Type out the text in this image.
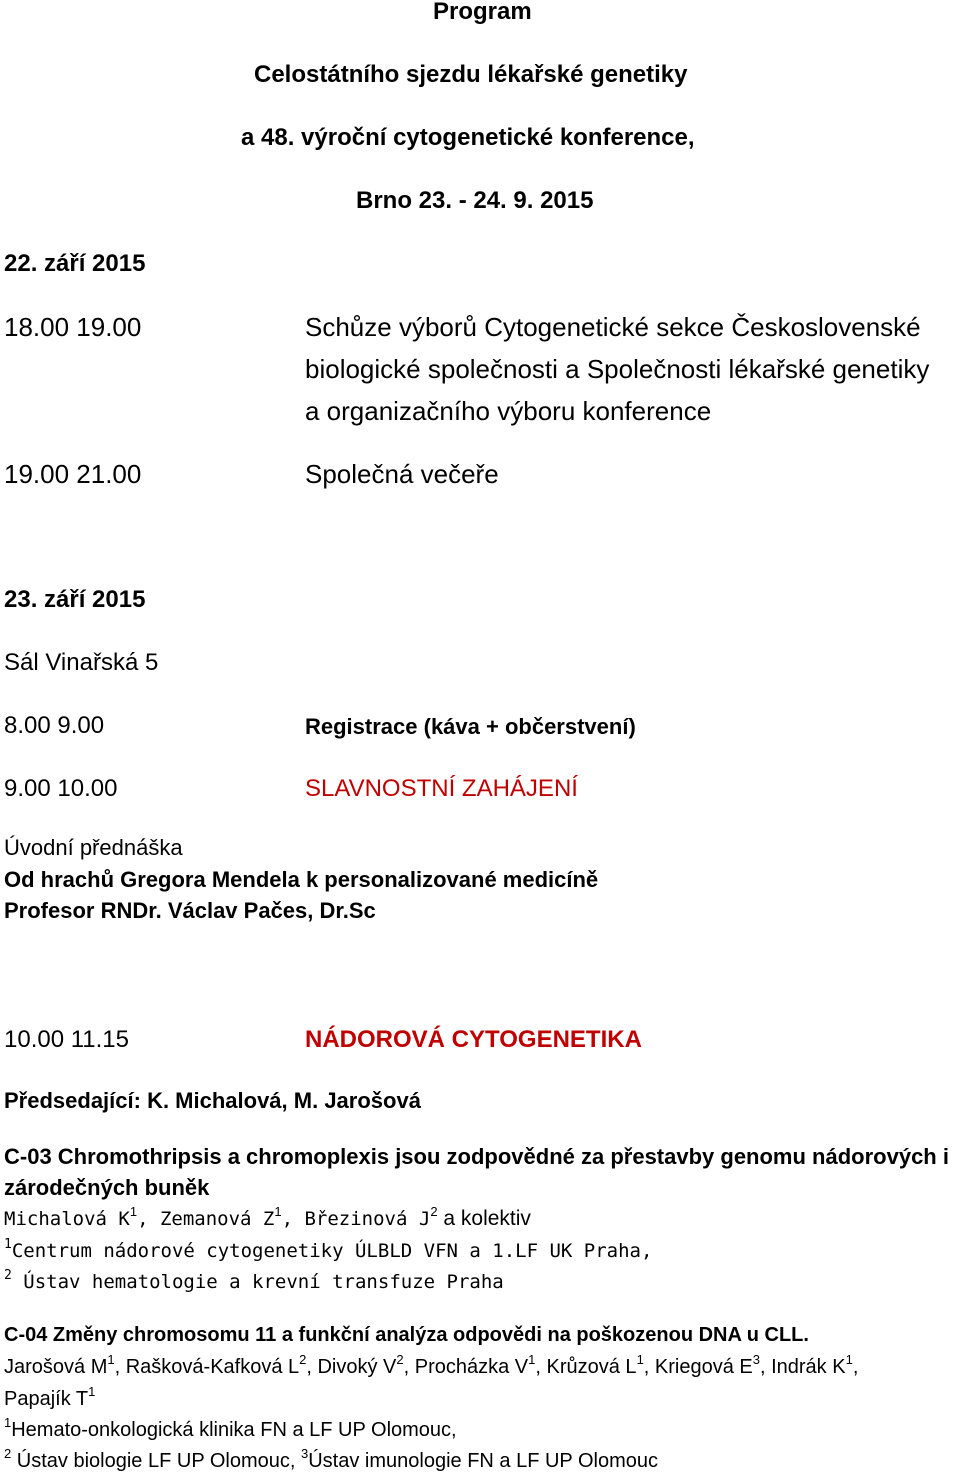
Program
Celostátního sjezdu lékařské genetiky
a 48. výroční cytogenetické konference,
Brno 23. - 24. 9. 2015
22. září 2015
18.00 19.00	Schůze výborů Cytogenetické sekce Československé
biologické společnosti a Společnosti lékařské genetiky
a organizačního výboru konference
19.00 21.00	Společná večeře
23. září 2015
Sál Vinařská 5
8.00 9.00	Registrace (káva + občerstvení)
9.00 10.00	SLAVNOSTNÍ ZAHÁJENÍ
Úvodní přednáška
Od hrachů Gregora Mendela k personalizované medicíně
Profesor RNDr. Václav Pačes, Dr.Sc
10.00 11.15	NÁDOROVÁ CYTOGENETIKA
Předsedající: K. Michalová, M. Jarošová
C-03 Chromothripsis a chromoplexis jsou zodpovědné za přestavby genomu nádorových i
zárodečných buněk
Michalová $K^1$, Zemanová $Z^1$, Březinová $J^2$ a kolektiv
$^1$Centrum nádorové cytogenetiky ÚLBLD VFN a 1.LF UK Praha,
$^2$ Ústav hematologie a krevní transfuze Praha
C-04 Změny chromosomu 11 a funkční analýza odpovědi na poškozenou DNA u CLL.
Jarošová $M^1$, Rašková-Kafková $L^2$, Divoký $V^2$, Procházka $V^1$, Krůzová $L^1$, Kriegová $E^3$, Indrák $K^1$,
Papajík $T^1$
$^1$Hemato-onkologická klinika FN a LF UP Olomouc,
$^2$ Ústav biologie LF UP Olomouc, $^3$Ústav imunologie FN a LF UP Olomouc
